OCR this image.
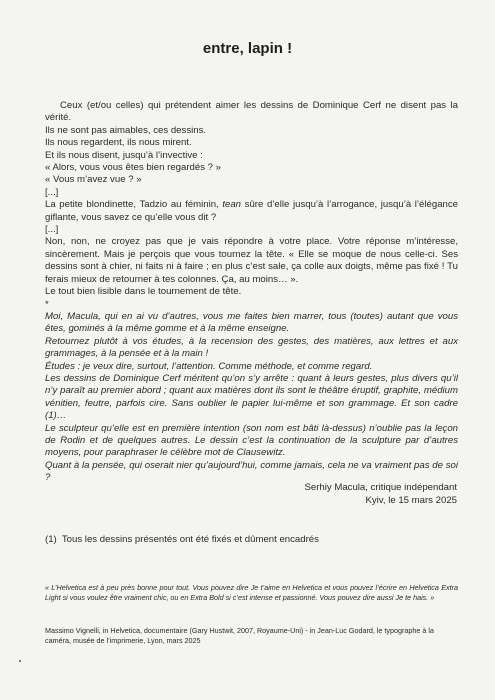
entre, lapin !

Ceux (et/ou celles) qui prétendent aimer les dessins de Dominique Cerf ne disent pas la vérité.

Ils ne sont pas aimables, ces dessins.

Ils nous regardent, ils nous mirent.

Et ils nous disent, jusqu’à l’invective :

« Alors, vous vous êtes bien regardés ? »

« Vous m’avez vue ? »

[...]

La petite blondinette, Tadzio au féminin, tean sûre d’elle jusqu’à l’arrogance, jusqu’à l’élégance giflante, vous savez ce qu’elle vous dit ?

[...]

Non, non, ne croyez pas que je vais répondre à votre place. Votre réponse m’intéresse, sincèrement. Mais je perçois que vous tournez la tête. « Elle se moque de nous celle-ci. Ses dessins sont à chier, ni faits ni à faire ; en plus c’est sale, ça colle aux doigts, même pas fixé ! Tu ferais mieux de retourner à tes colonnes. Ça, au moins… ».

Le tout bien lisible dans le tournement de tête.

*

Moi, Macula, qui en ai vu d’autres, vous me faites bien marrer, tous (toutes) autant que vous êtes, gominés à la même gomme et à la même enseigne.

Retournez plutôt à vos études, à la recension des gestes, des matières, aux lettres et aux grammages, à la pensée et à la main !

Études : je veux dire, surtout, l’attention. Comme méthode, et comme regard.

Les dessins de Dominique Cerf méritent qu’on s’y arrête : quant à leurs gestes, plus divers qu’il n’y paraît au premier abord ; quant aux matières dont ils sont le théâtre éruptif, graphite, médium vénitien, feutre, parfois cire. Sans oublier le papier lui-même et son grammage. Et son cadre (1)…

Le sculpteur qu’elle est en première intention (son nom est bâti là-dessus) n’oublie pas la leçon de Rodin et de quelques autres. Le dessin c’est la continuation de la sculpture par d’autres moyens, pour paraphraser le célèbre mot de Clausewitz.

Quant à la pensée, qui oserait nier qu’aujourd’hui, comme jamais, cela ne va vraiment pas de soi ?

Serhiy Macula, critique indépendant
Kyiv, le 15 mars 2025
(1)  Tous les dessins présentés ont été fixés et dûment encadrés
« L’Helvetica est à peu près bonne pour tout. Vous pouvez dire Je t’aime en Helvetica et vous pouvez l’écrire en Helvetica Extra Light si vous voulez être vraiment chic, ou en Extra Bold si c’est intense et passionné. Vous pouvez dire aussi Je te hais. »
Massimo Vignelli, in Helvetica, documentaire (Gary Hustwit, 2007, Royaume-Uni) - in Jean-Luc Godard, le typographe à la caméra, musée de l’imprimerie, Lyon, mars 2025
